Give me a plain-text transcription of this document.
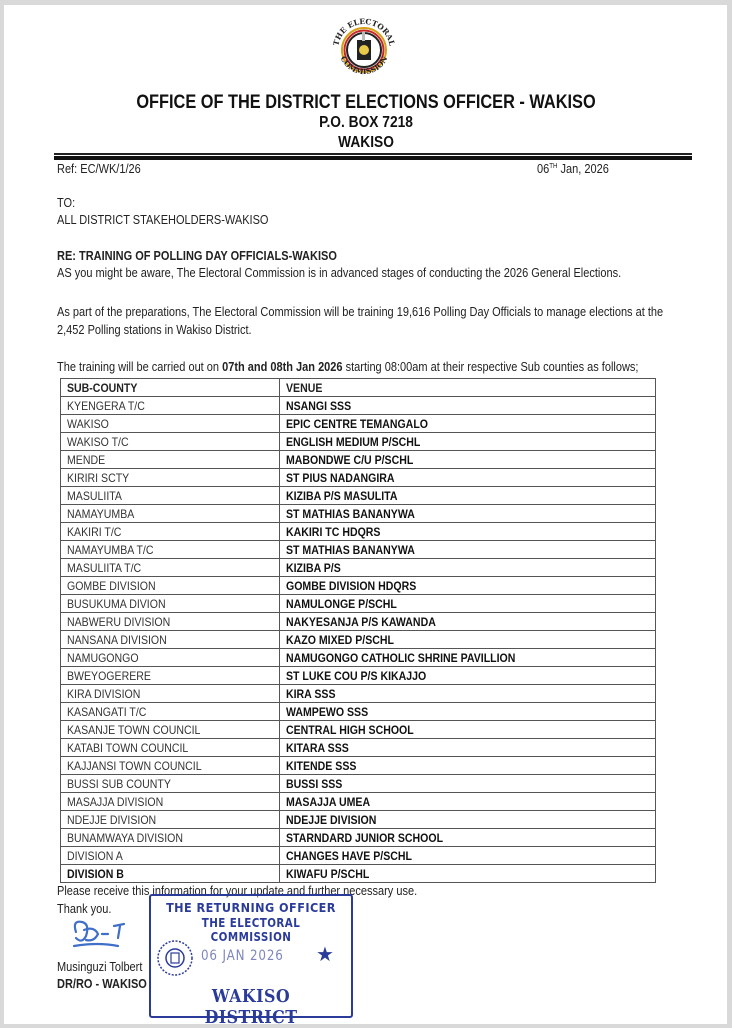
THE ELECTORAL
COMMISSION
OFFICE OF THE DISTRICT ELECTIONS OFFICER - WAKISO
P.O. BOX 7218
WAKISO
Ref: EC/WK/1/26	06TH Jan, 2026
TO:
ALL DISTRICT STAKEHOLDERS-WAKISO
RE: TRAINING OF POLLING DAY OFFICIALS-WAKISO
AS you might be aware, The Electoral Commission is in advanced stages of conducting the 2026 General Elections.
As part of the preparations, The Electoral Commission will be training 19,616 Polling Day Officials to manage elections at the
2,452 Polling stations in Wakiso District.
The training will be carried out on 07th and 08th Jan 2026 starting 08:00am at their respective Sub counties as follows;
SUB-COUNTY	VENUE
KYENGERA T/C	NSANGI SSS
WAKISO	EPIC CENTRE TEMANGALO
WAKISO T/C	ENGLISH MEDIUM P/SCHL
MENDE	MABONDWE C/U P/SCHL
KIRIRI SCTY	ST PIUS NADANGIRA
MASULIITA	KIZIBA P/S MASULITA
NAMAYUMBA	ST MATHIAS BANANYWA
KAKIRI T/C	KAKIRI TC HDQRS
NAMAYUMBA T/C	ST MATHIAS BANANYWA
MASULIITA T/C	KIZIBA P/S
GOMBE DIVISION	GOMBE DIVISION HDQRS
BUSUKUMA DIVION	NAMULONGE P/SCHL
NABWERU DIVISION	NAKYESANJA P/S KAWANDA
NANSANA DIVISION	KAZO MIXED P/SCHL
NAMUGONGO	NAMUGONGO CATHOLIC SHRINE PAVILLION
BWEYOGERERE	ST LUKE COU P/S KIKAJJO
KIRA DIVISION	KIRA SSS
KASANGATI T/C	WAMPEWO SSS
KASANJE TOWN COUNCIL	CENTRAL HIGH SCHOOL
KATABI TOWN COUNCIL	KITARA SSS
KAJJANSI TOWN COUNCIL	KITENDE SSS
BUSSI SUB COUNTY	BUSSI SSS
MASAJJA DIVISION	MASAJJA UMEA
NDEJJE DIVISION	NDEJJE DIVISION
BUNAMWAYA DIVISION	STARNDARD JUNIOR SCHOOL
DIVISION A	CHANGES HAVE P/SCHL
DIVISION B	KIWAFU P/SCHL
Please receive this information for your update and further necessary use.
Thank you.
Musinguzi Tolbert
DR/RO - WAKISO
THE RETURNING OFFICER
THE ELECTORAL COMMISSION
06 JAN 2026 ★
WAKISO DISTRICT
